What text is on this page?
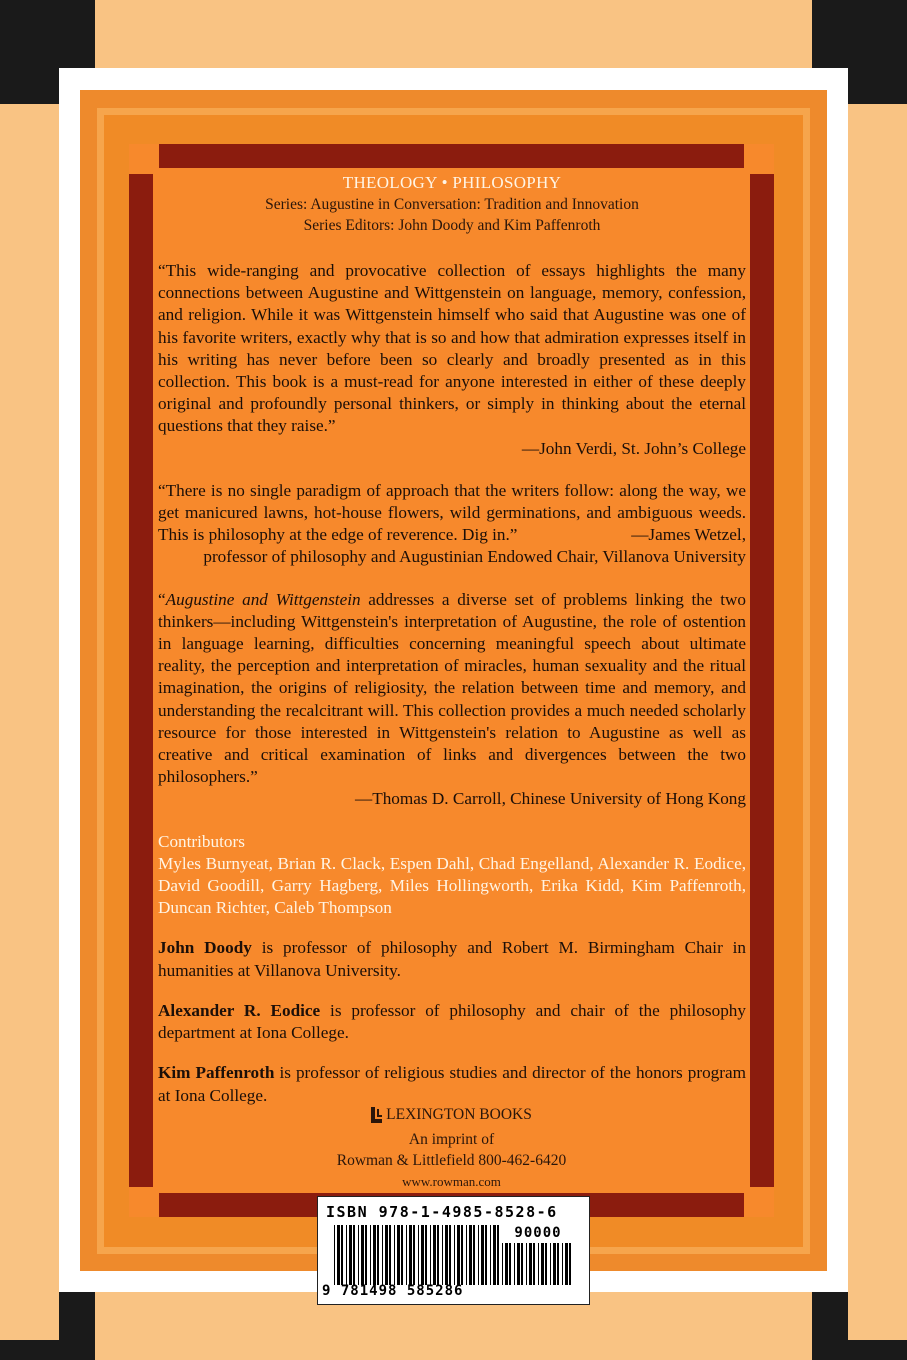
THEOLOGY • PHILOSOPHY
Series: Augustine in Conversation: Tradition and Innovation
Series Editors: John Doody and Kim Paffenroth

“This wide-ranging and provocative collection of essays highlights the many connections between Augustine and Wittgenstein on language, memory, confession, and religion. While it was Wittgenstein himself who said that Augustine was one of his favorite writers, exactly why that is so and how that admiration expresses itself in his writing has never before been so clearly and broadly presented as in this collection. This book is a must-read for anyone interested in either of these deeply original and profoundly personal thinkers, or simply in thinking about the eternal questions that they raise.”

—John Verdi, St. John’s College

“There is no single paradigm of approach that the writers follow: along the way, we get manicured lawns, hot-house flowers, wild germinations, and ambiguous weeds. This is philosophy at the edge of reverence. Dig in.”	—James Wetzel,

professor of philosophy and Augustinian Endowed Chair, Villanova University

“Augustine and Wittgenstein addresses a diverse set of problems linking the two thinkers—including Wittgenstein's interpretation of Augustine, the role of ostention in language learning, difficulties concerning meaningful speech about ultimate reality, the perception and interpretation of miracles, human sexuality and the ritual imagination, the origins of religiosity, the relation between time and memory, and understanding the recalcitrant will. This collection provides a much needed scholarly resource for those interested in Wittgenstein's relation to Augustine as well as creative and critical examination of links and divergences between the two philosophers.”

—Thomas D. Carroll, Chinese University of Hong Kong

Contributors

Myles Burnyeat, Brian R. Clack, Espen Dahl, Chad Engelland, Alexander R. Eodice, David Goodill, Garry Hagberg, Miles Hollingworth, Erika Kidd, Kim Paffenroth, Duncan Richter, Caleb Thompson

John Doody is professor of philosophy and Robert M. Birmingham Chair in humanities at Villanova University.

Alexander R. Eodice is professor of philosophy and chair of the philosophy department at Iona College.

Kim Paffenroth is professor of religious studies and director of the honors program at Iona College.

LEXINGTON BOOKS
An imprint of
Rowman & Littlefield 800-462-6420
www.rowman.com
ISBN 978-1-4985-8528-6
90000
9 781498 585286
